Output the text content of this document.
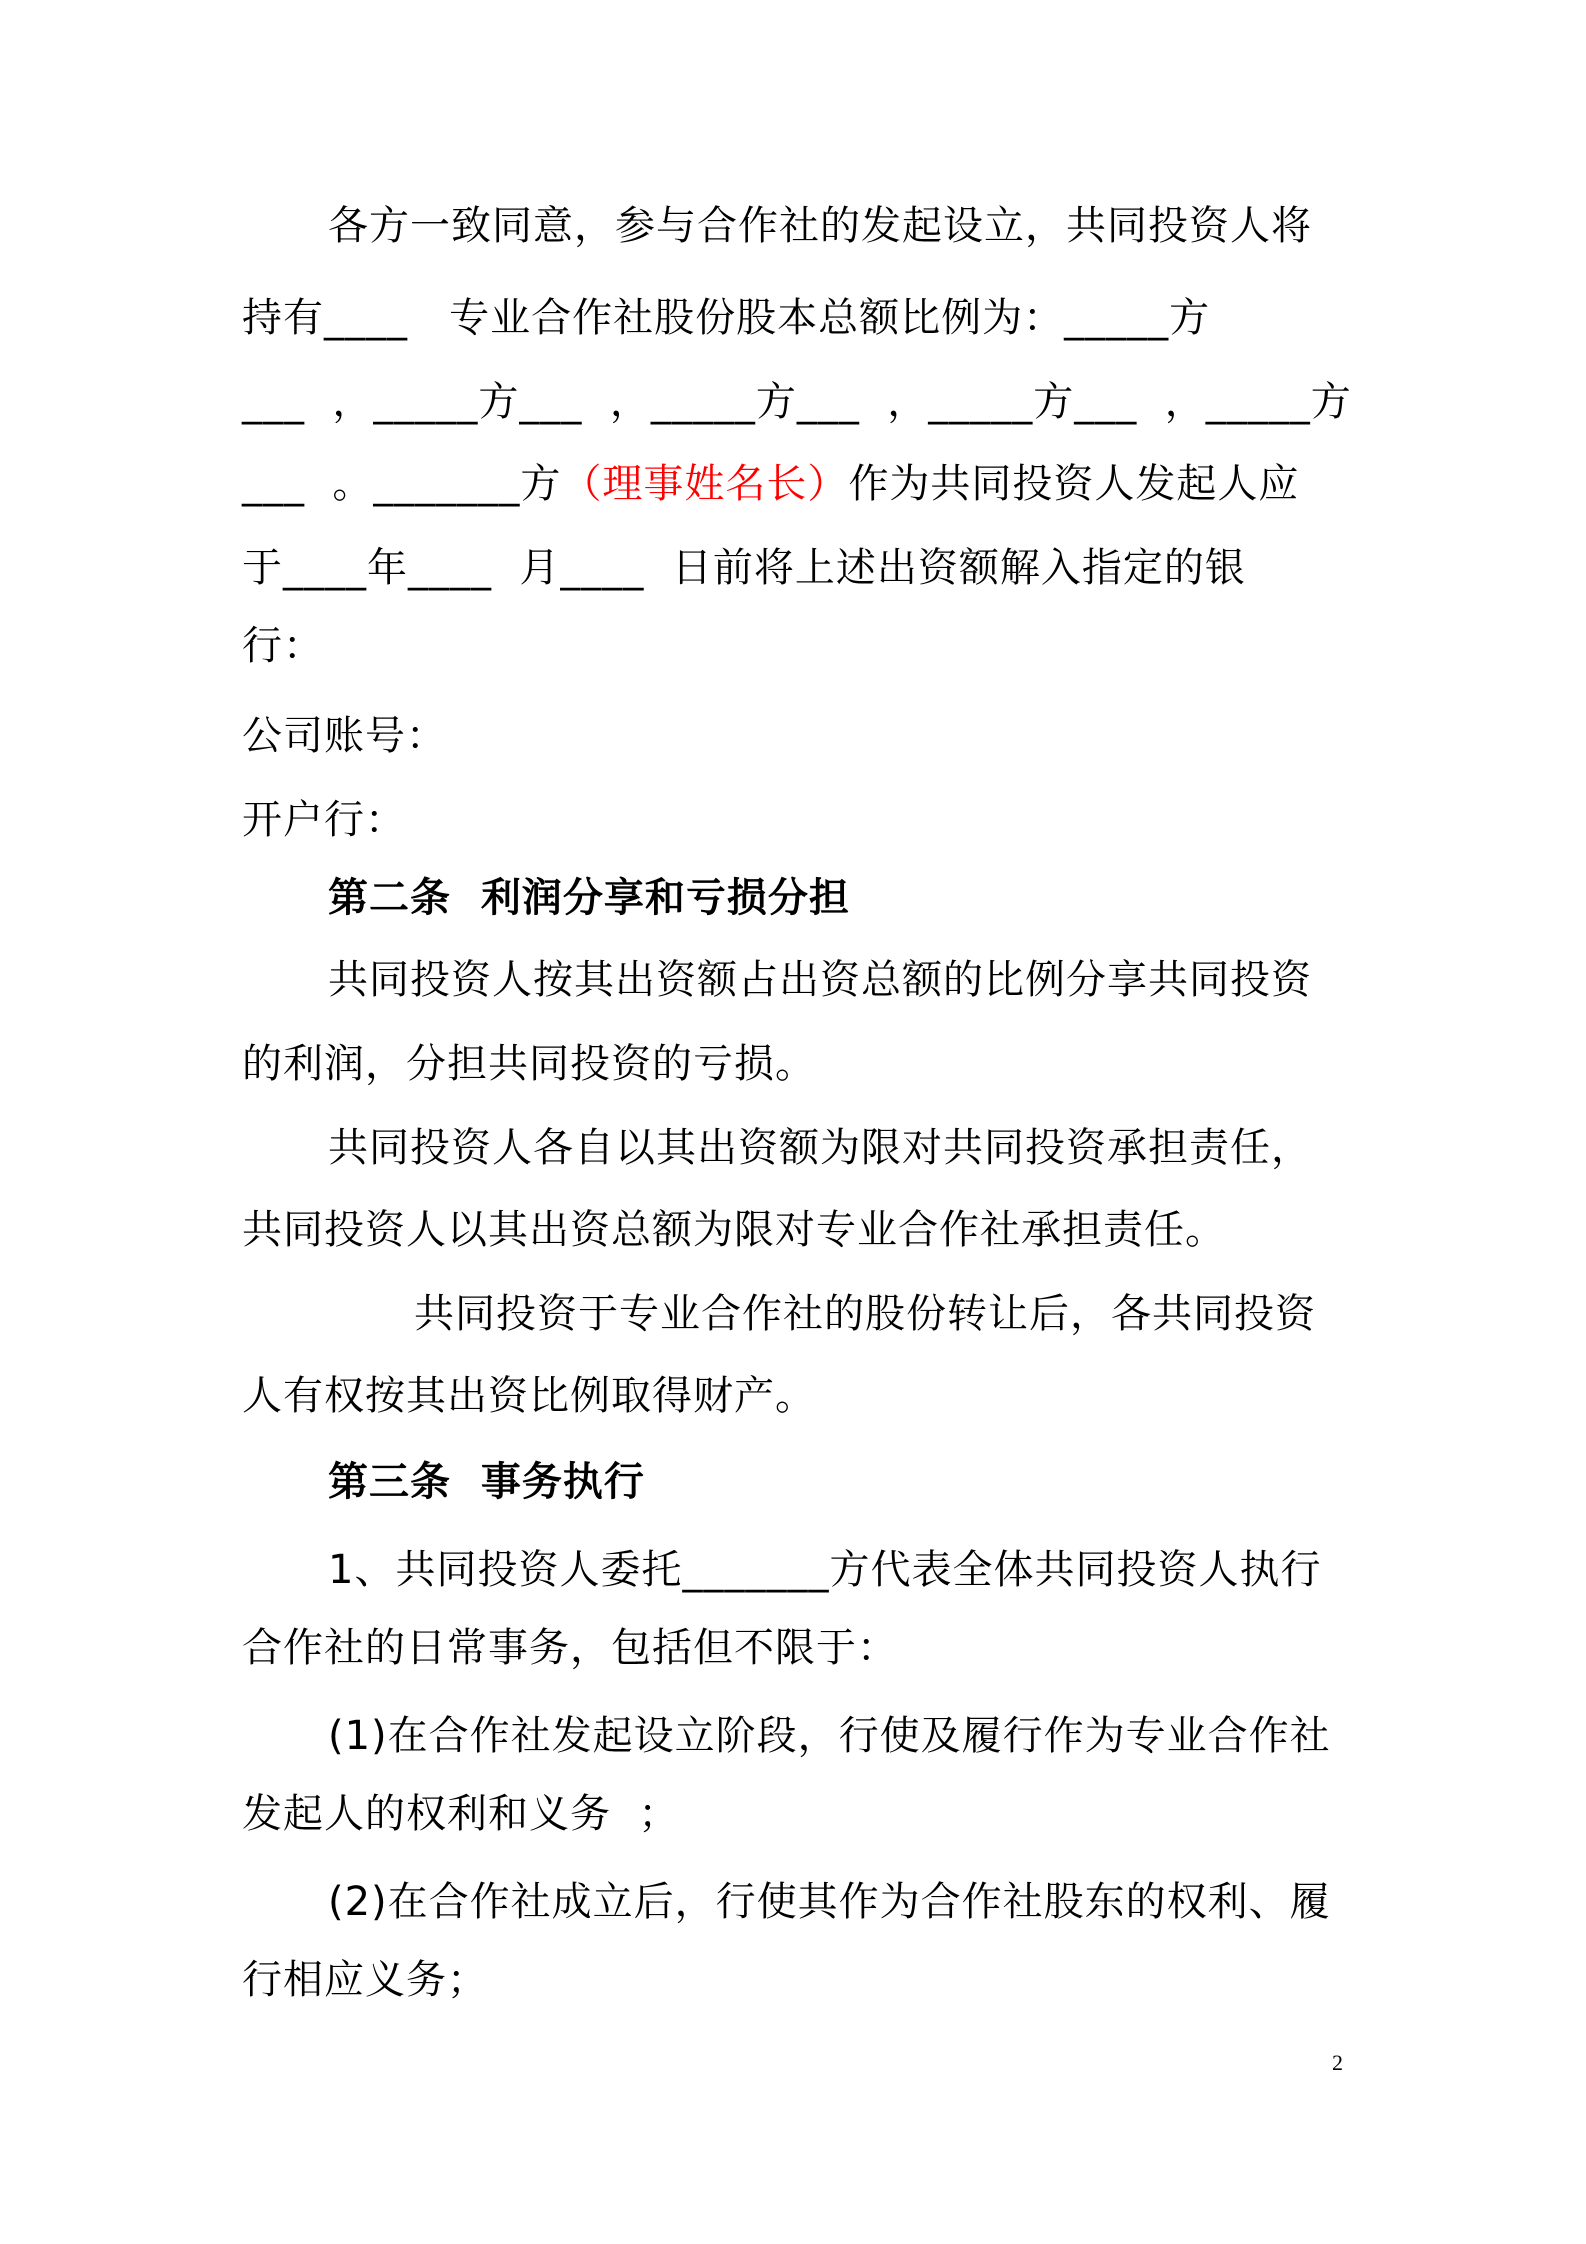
各方一致同意，参与合作社的发起设立，共同投资人将
持有____   专业合作社股份股本总额比例为：_____方
___  ，_____方___  ，_____方___  ，_____方___  ，_____方
___  。_______方（理事姓名长）作为共同投资人发起人应
于____年____  月____  日前将上述出资额解入指定的银
行：
公司账号：
开户行：
第二条  利润分享和亏损分担
共同投资人按其出资额占出资总额的比例分享共同投资
的利润，分担共同投资的亏损。
共同投资人各自以其出资额为限对共同投资承担责任，
共同投资人以其出资总额为限对专业合作社承担责任。
共同投资于专业合作社的股份转让后，各共同投资
人有权按其出资比例取得财产。
第三条  事务执行
1、共同投资人委托_______方代表全体共同投资人执行
合作社的日常事务，包括但不限于：
(1)在合作社发起设立阶段，行使及履行作为专业合作社
发起人的权利和义务  ；
(2)在合作社成立后，行使其作为合作社股东的权利、履
行相应义务；
2
